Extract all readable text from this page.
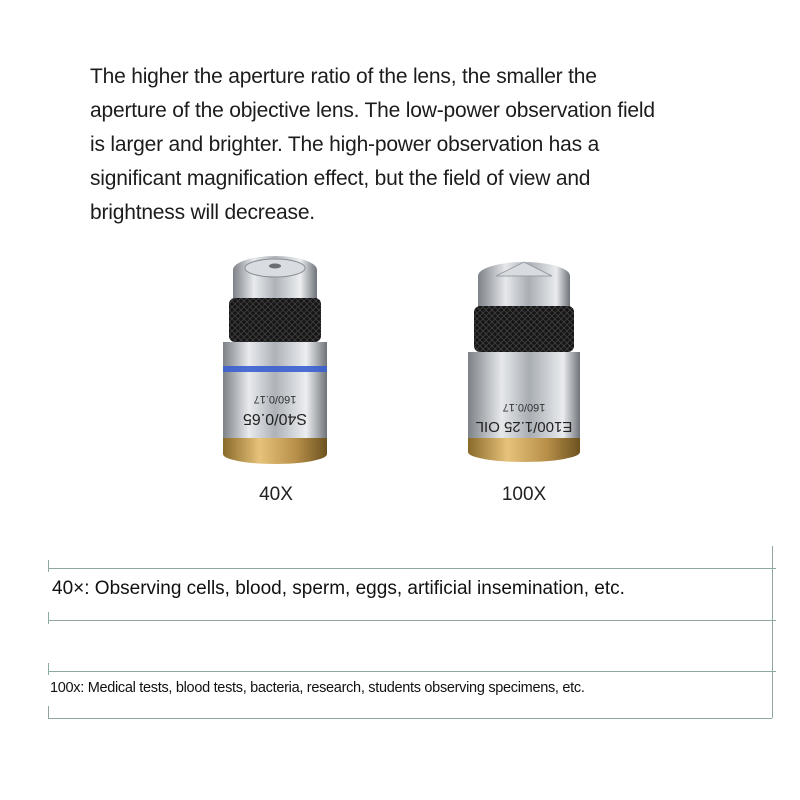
The higher the aperture ratio of the lens, the smaller the
aperture of the objective lens. The low-power observation field
is larger and brighter. The high-power observation has a
significant magnification effect, but the field of view and
brightness will decrease.
S40/0.65
160/0.17
40X
E100/1.25 OIL
160/0.17
100X
40×: Observing cells, blood, sperm, eggs, artificial insemination, etc.
100x: Medical tests, blood tests, bacteria, research, students observing specimens, etc.
